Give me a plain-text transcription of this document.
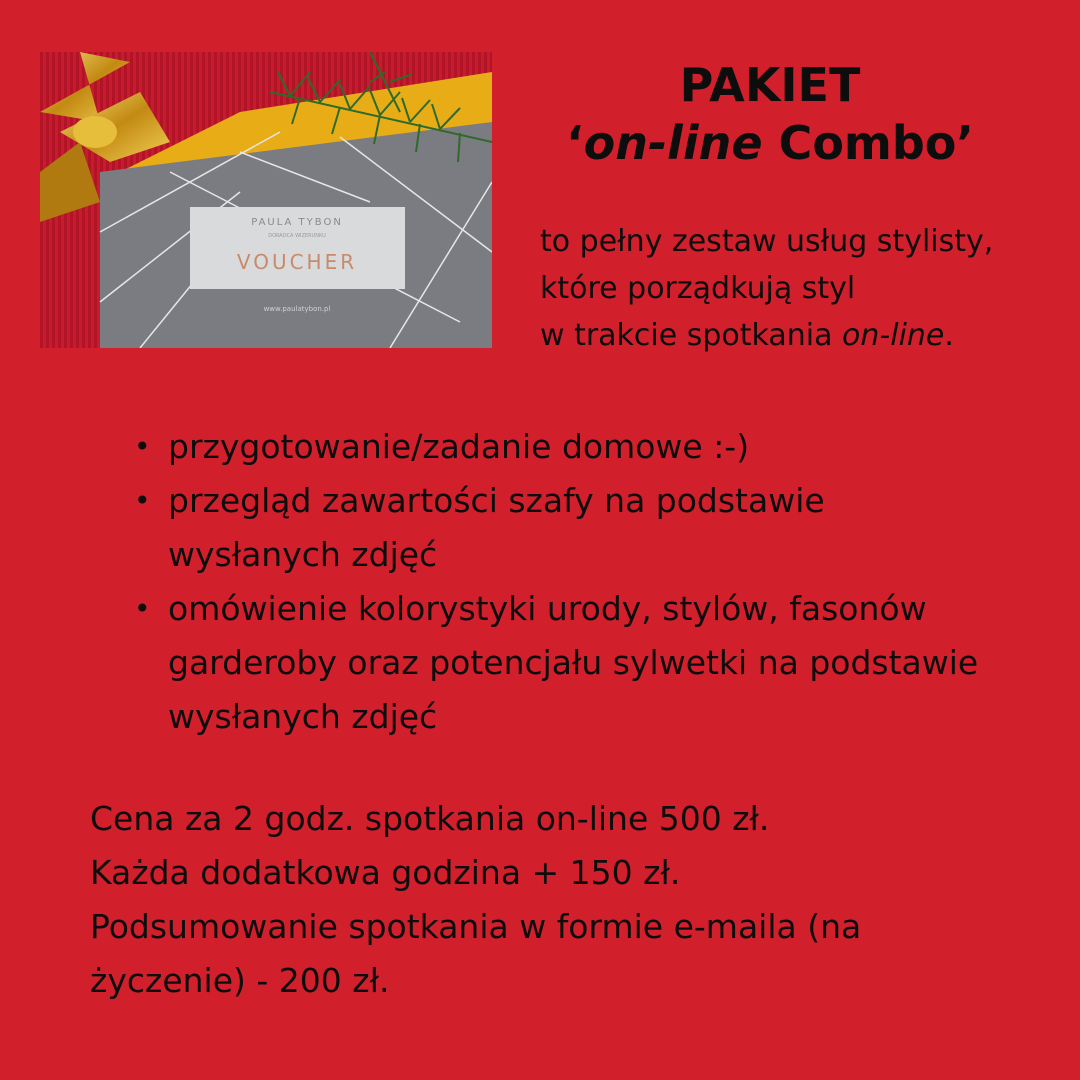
PAULA TYBON
DORADCA WIZERUNKU
VOUCHER
www.paulatybon.pl
PAKIET
‘on-line Combo’
to pełny zestaw usług stylisty,
które porządkują styl
w trakcie spotkania on-line.
• przygotowanie/zadanie domowe :-)
• przegląd zawartości szafy na podstawie wysłanych zdjęć
• omówienie kolorystyki urody, stylów, fasonów garderoby oraz potencjału sylwetki na podstawie wysłanych zdjęć
Cena za 2 godz. spotkania on-line 500 zł.
Każda dodatkowa godzina + 150 zł.
Podsumowanie spotkania w formie e-maila (na
życzenie) - 200 zł.
